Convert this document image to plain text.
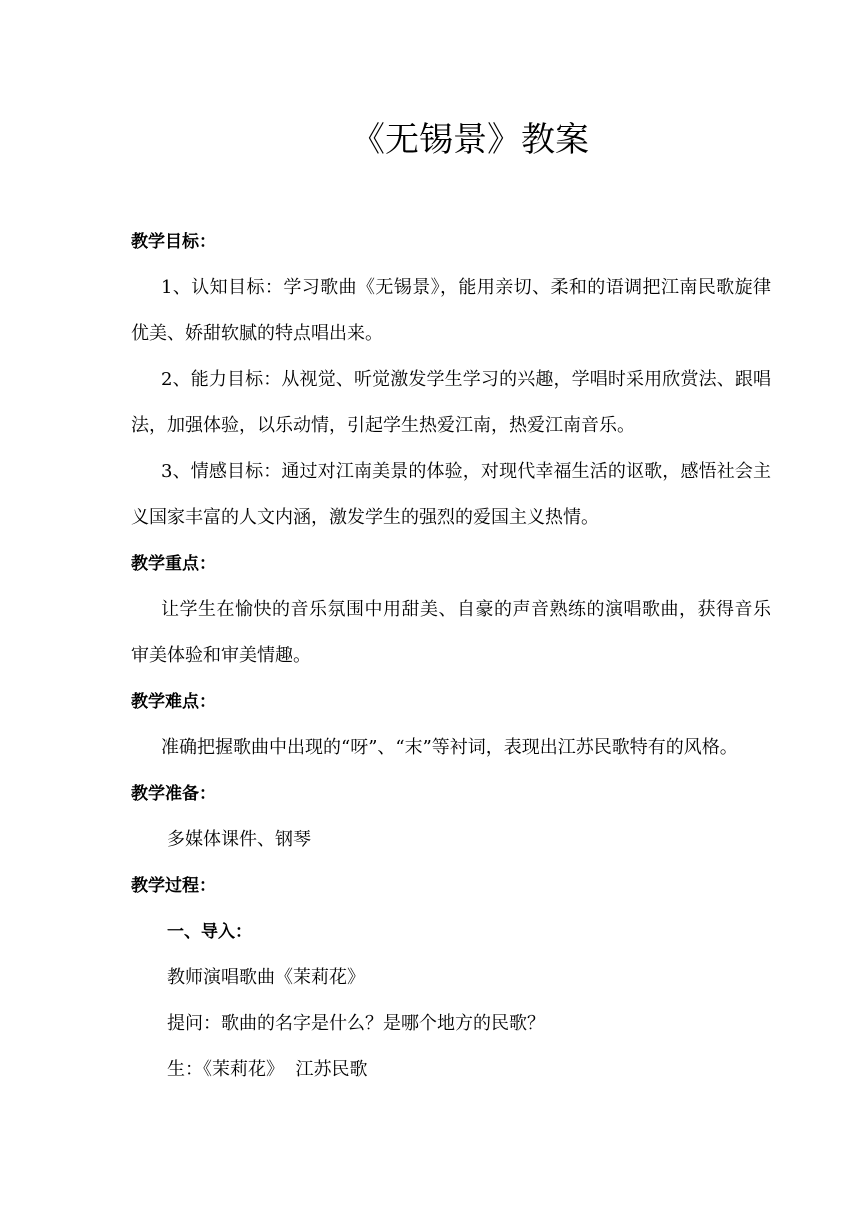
《无锡景》教案

教学目标：

1、认知目标：学习歌曲《无锡景》，能用亲切、柔和的语调把江南民歌旋律优美、娇甜软腻的特点唱出来。

2、能力目标：从视觉、听觉激发学生学习的兴趣，学唱时采用欣赏法、跟唱法，加强体验，以乐动情，引起学生热爱江南，热爱江南音乐。

3、情感目标：通过对江南美景的体验，对现代幸福生活的讴歌，感悟社会主义国家丰富的人文内涵，激发学生的强烈的爱国主义热情。

教学重点：

让学生在愉快的音乐氛围中用甜美、自豪的声音熟练的演唱歌曲，获得音乐审美体验和审美情趣。

教学难点：

准确把握歌曲中出现的“呀”、“末”等衬词，表现出江苏民歌特有的风格。

教学准备：

多媒体课件、钢琴

教学过程：

一、导入：

教师演唱歌曲《茉莉花》

提问：歌曲的名字是什么？是哪个地方的民歌？

生：《茉莉花》  江苏民歌
